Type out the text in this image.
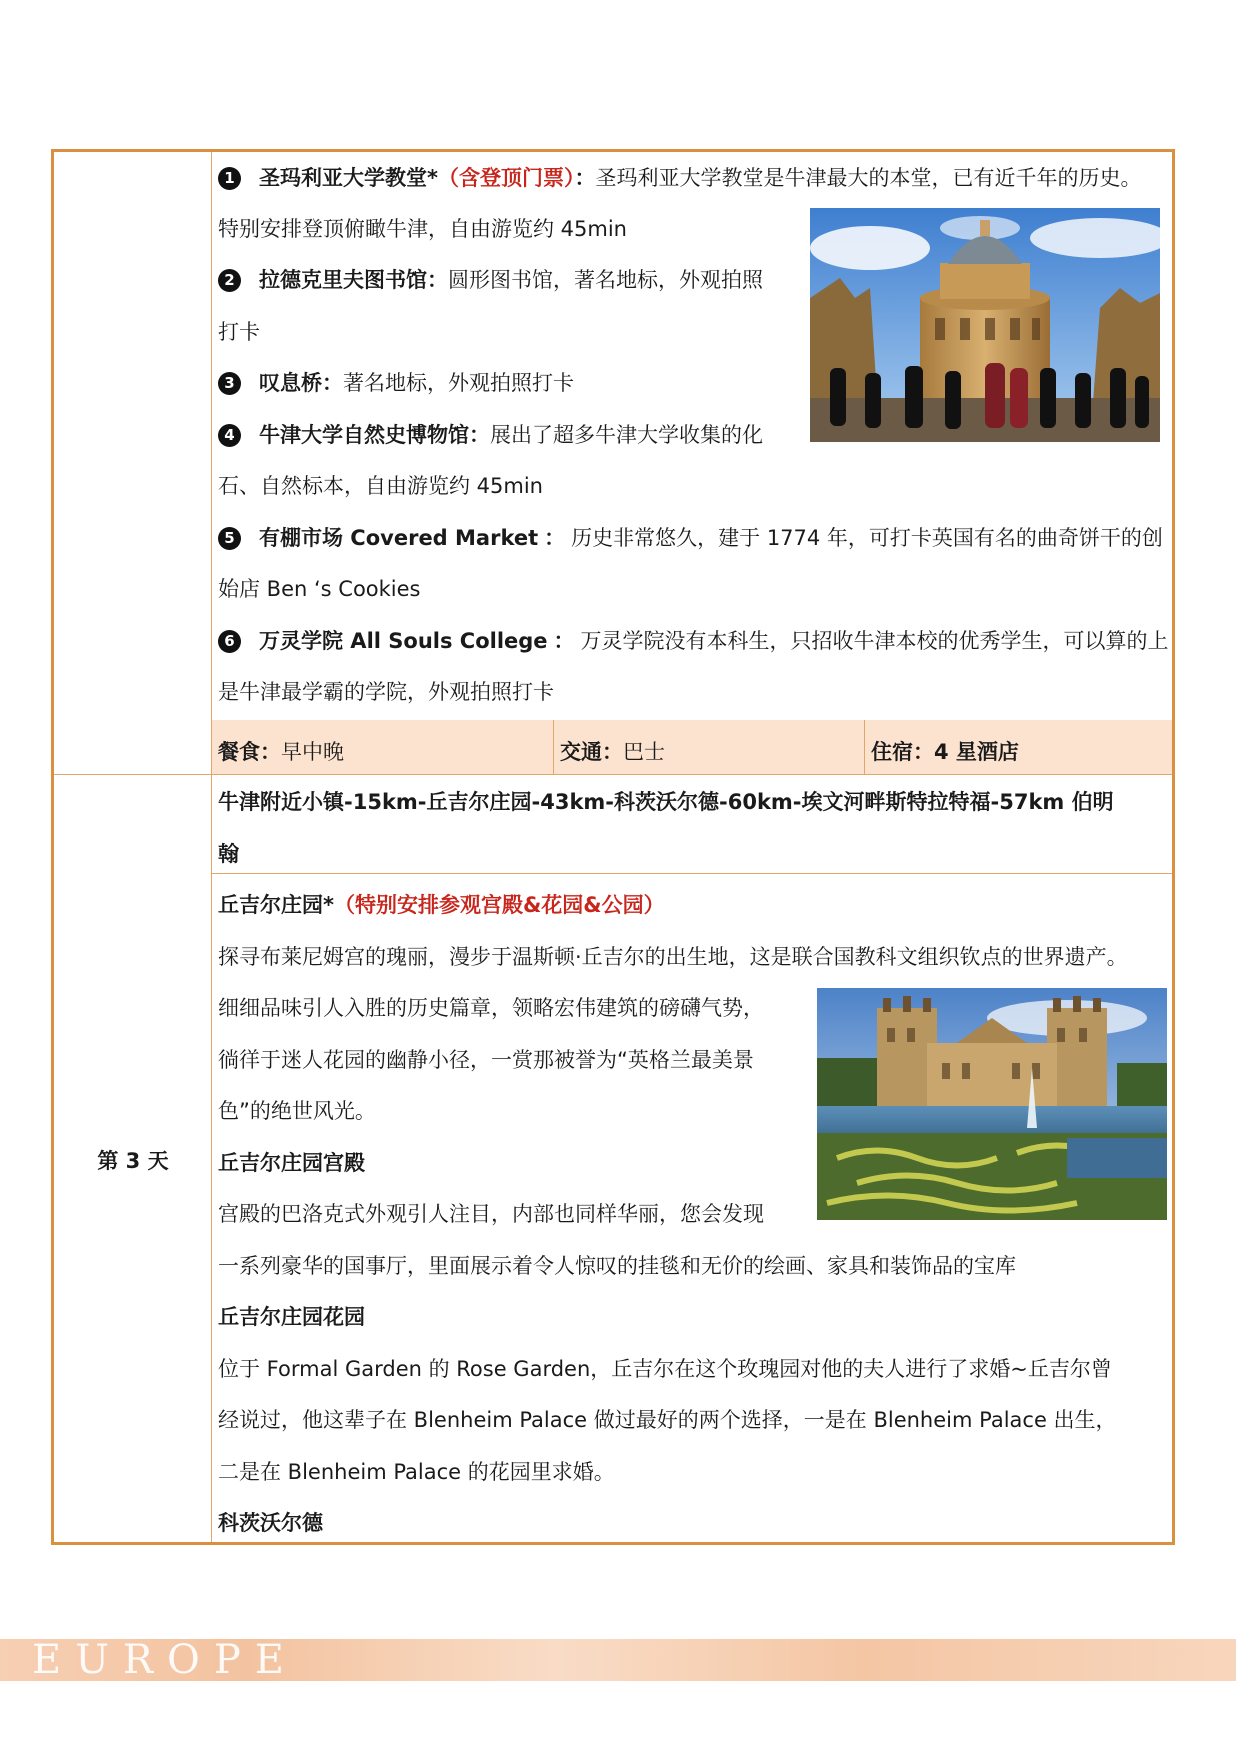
第 3 天
1 圣玛利亚大学教堂*（含登顶门票）：圣玛利亚大学教堂是牛津最大的本堂，已有近千年的历史。
特别安排登顶俯瞰牛津，自由游览约 45min
2 拉德克里夫图书馆：圆形图书馆，著名地标，外观拍照
打卡
3 叹息桥：著名地标，外观拍照打卡
4 牛津大学自然史博物馆：展出了超多牛津大学收集的化
石、自然标本，自由游览约 45min
5 有棚市场 Covered Market ： 历史非常悠久，建于 1774 年，可打卡英国有名的曲奇饼干的创
始店 Ben ‘s Cookies
6 万灵学院 All Souls College ： 万灵学院没有本科生，只招收牛津本校的优秀学生，可以算的上
是牛津最学霸的学院，外观拍照打卡
餐食：早中晚	交通：巴士	住宿：4 星酒店
牛津附近小镇-15km-丘吉尔庄园-43km-科茨沃尔德-60km-埃文河畔斯特拉特福-57km 伯明
翰
丘吉尔庄园*（特别安排参观宫殿&花园&公园）
探寻布莱尼姆宫的瑰丽，漫步于温斯顿·丘吉尔的出生地，这是联合国教科文组织钦点的世界遗产。
细细品味引人入胜的历史篇章，领略宏伟建筑的磅礴气势，
徜徉于迷人花园的幽静小径，一赏那被誉为“英格兰最美景
色”的绝世风光。
丘吉尔庄园宫殿
宫殿的巴洛克式外观引人注目，内部也同样华丽，您会发现
一系列豪华的国事厅，里面展示着令人惊叹的挂毯和无价的绘画、家具和装饰品的宝库
丘吉尔庄园花园
位于 Formal Garden 的 Rose Garden，丘吉尔在这个玫瑰园对他的夫人进行了求婚~丘吉尔曾
经说过，他这辈子在 Blenheim Palace 做过最好的两个选择，一是在 Blenheim Palace 出生，
二是在 Blenheim Palace 的花园里求婚。
科茨沃尔德
EUROPE
